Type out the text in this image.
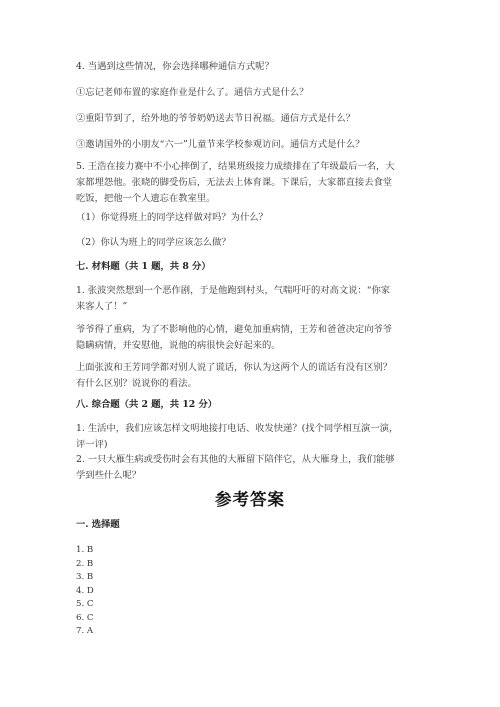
4. 当遇到这些情况，你会选择哪种通信方式呢？
①忘记老师布置的家庭作业是什么了。通信方式是什么？
②重阳节到了，给外地的爷爷奶奶送去节日祝福。通信方式是什么？
③邀请国外的小朋友“六一”儿童节来学校参观访问。通信方式是什么？
5. 王浩在接力赛中不小心摔倒了，结果班级接力成绩排在了年级最后一名，大
家都埋怨他。张晓的脚受伤后，无法去上体育课。下课后，大家都直接去食堂
吃饭，把他一个人遗忘在教室里。
（1）你觉得班上的同学这样做对吗？为什么？
（2）你认为班上的同学应该怎么做？
七. 材料题（共 1 题，共 8 分）
1. 张波突然想到一个恶作剧，于是他跑到村头，气喘吁吁的对高文说：“你家
来客人了！”
爷爷得了重病，为了不影响他的心情，避免加重病情，王芳和爸爸决定向爷爷
隐瞒病情，并安慰他，说他的病很快会好起来的。
上面张波和王芳同学都对别人说了谎话，你认为这两个人的谎话有没有区别？
有什么区别？说说你的看法。
八. 综合题（共 2 题，共 12 分）
1. 生活中，我们应该怎样文明地接打电话、收发快递？(找个同学相互演一演，
评一评)
2. 一只大雁生病或受伤时会有其他的大雁留下陪伴它，从大雁身上，我们能够
学到些什么呢？
参考答案
一. 选择题
1. B
2. B
3. B
4. D
5. C
6. C
7. A
